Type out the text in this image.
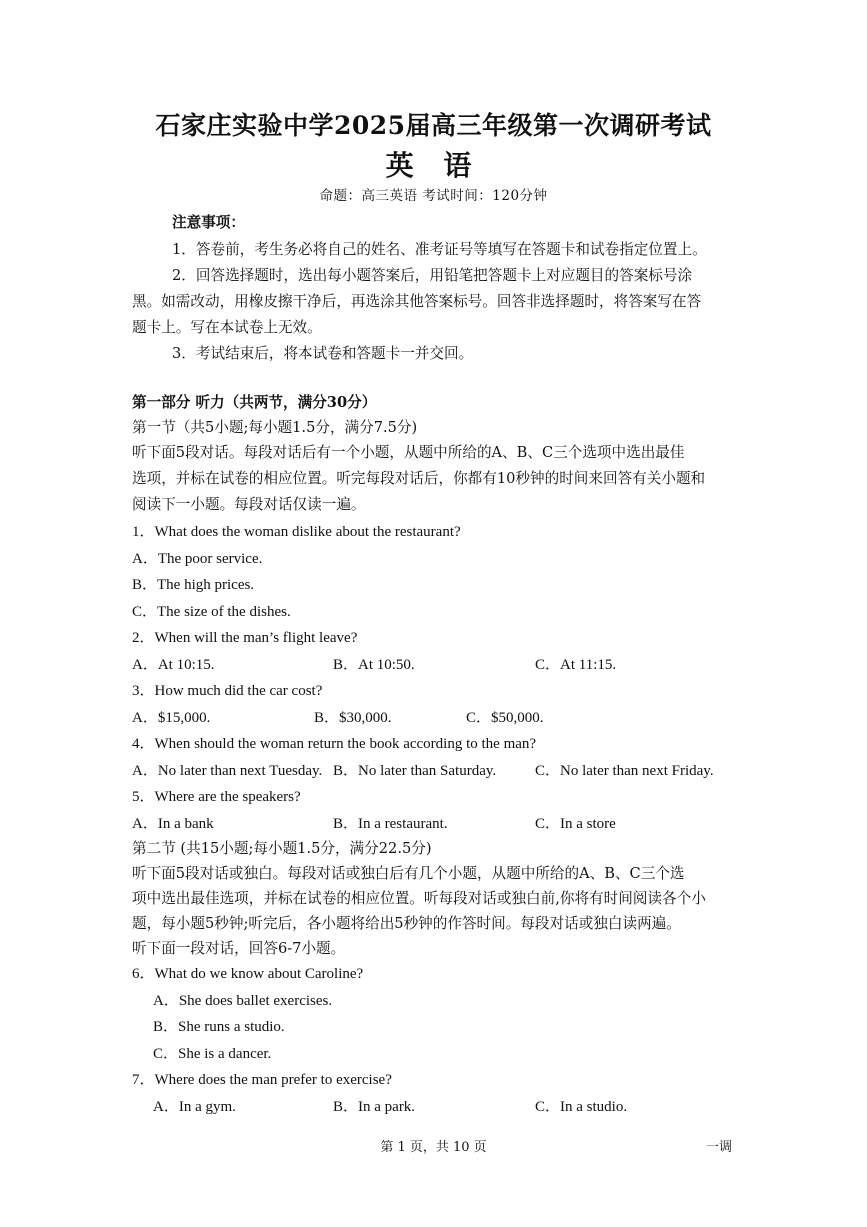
石家庄实验中学2025届高三年级第一次调研考试
英 语
命题：高三英语 考试时间：120分钟
注意事项：
1．答卷前，考生务必将自己的姓名、准考证号等填写在答题卡和试卷指定位置上。
2．回答选择题时，选出每小题答案后，用铅笔把答题卡上对应题目的答案标号涂
黑。如需改动，用橡皮擦干净后，再选涂其他答案标号。回答非选择题时，将答案写在答
题卡上。写在本试卷上无效。
3．考试结束后，将本试卷和答题卡一并交回。
第一部分 听力（共两节，满分30分）
第一节（共5小题;每小题1.5分，满分7.5分)
听下面5段对话。每段对话后有一个小题，从题中所给的A、B、C三个选项中选出最佳
选项，并标在试卷的相应位置。听完每段对话后，你都有10秒钟的时间来回答有关小题和
阅读下一小题。每段对话仅读一遍。
1．What does the woman dislike about the restaurant?
A．The poor service.
B．The high prices.
C．The size of the dishes.
2．When will the man’s flight leave?
A．At 10:15.	B．At 10:50.	C．At 11:15.
3．How much did the car cost?
A．$15,000.	B．$30,000.	C．$50,000.
4．When should the woman return the book according to the man?
A．No later than next Tuesday. B．No later than Saturday.	C．No later than next Friday.
5．Where are the speakers?
A．In a bank	B．In a restaurant.	C．In a store
第二节 (共15小题;每小题1.5分，满分22.5分)
听下面5段对话或独白。每段对话或独白后有几个小题，从题中所给的A、B、C三个选
项中选出最佳选项，并标在试卷的相应位置。听每段对话或独白前,你将有时间阅读各个小
题，每小题5秒钟;听完后，各小题将给出5秒钟的作答时间。每段对话或独白读两遍。
听下面一段对话，回答6-7小题。
6．What do we know about Caroline?
A．She does ballet exercises.
B．She runs a studio.
C．She is a dancer.
7．Where does the man prefer to exercise?
A．In a gym.	B．In a park.	C．In a studio.
第 1 页，共 10 页	一调
